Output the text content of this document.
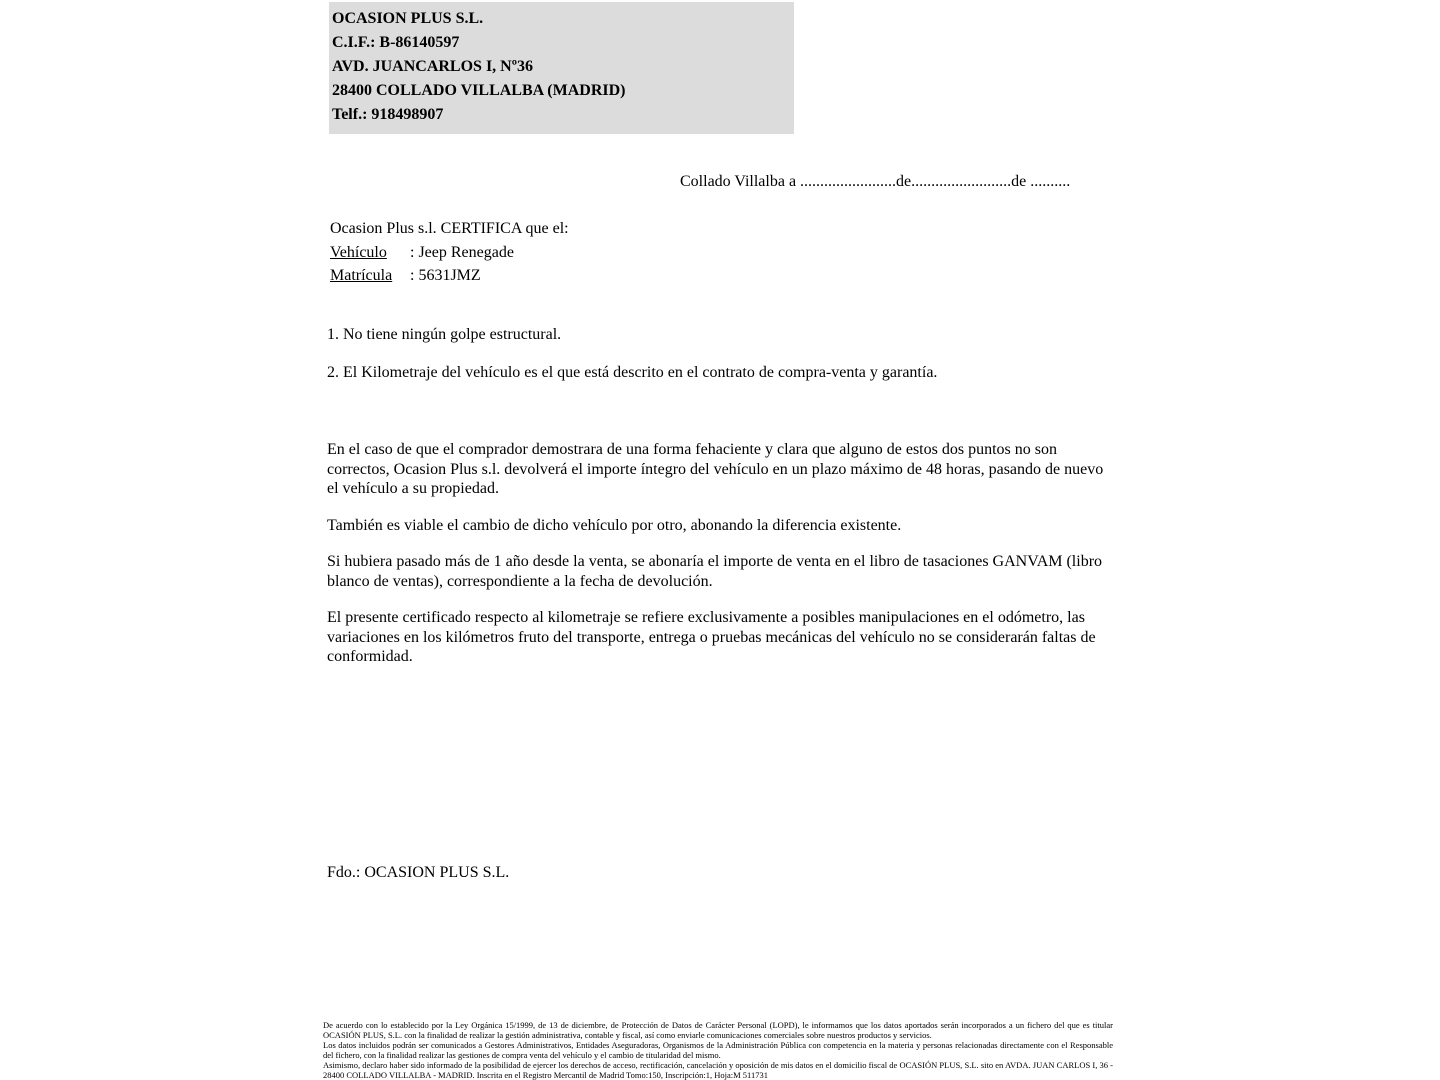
OCASION PLUS S.L.
C.I.F.: B-86140597
AVD. JUANCARLOS I, Nº36
28400 COLLADO VILLALBA (MADRID)
Telf.: 918498907
Collado Villalba a ........................de.........................de ..........
Ocasion Plus s.l. CERTIFICA que el:
Vehículo : Jeep Renegade
Matrícula : 5631JMZ
1. No tiene ningún golpe estructural.
2. El Kilometraje del vehículo es el que está descrito en el contrato de compra-venta y garantía.

En el caso de que el comprador demostrara de una forma fehaciente y clara que alguno de estos dos puntos no son correctos, Ocasion Plus s.l. devolverá el importe íntegro del vehículo en un plazo máximo de 48 horas, pasando de nuevo el vehículo a su propiedad.

También es viable el cambio de dicho vehículo por otro, abonando la diferencia existente.

Si hubiera pasado más de 1 año desde la venta, se abonaría el importe de venta en el libro de tasaciones GANVAM (libro blanco de ventas), correspondiente a la fecha de devolución.

El presente certificado respecto al kilometraje se refiere exclusivamente a posibles manipulaciones en el odómetro, las variaciones en los kilómetros fruto del transporte, entrega o pruebas mecánicas del vehículo no se considerarán faltas de conformidad.

Fdo.: OCASION PLUS S.L.

De acuerdo con lo establecido por la Ley Orgánica 15/1999, de 13 de diciembre, de Protección de Datos de Carácter Personal (LOPD), le informamos que los datos aportados serán incorporados a un fichero del que es titular OCASIÓN PLUS, S.L. con la finalidad de realizar la gestión administrativa, contable y fiscal, así como enviarle comunicaciones comerciales sobre nuestros productos y servicios.

Los datos incluidos podrán ser comunicados a Gestores Administrativos, Entidades Aseguradoras, Organismos de la Administración Pública con competencia en la materia y personas relacionadas directamente con el Responsable del fichero, con la finalidad realizar las gestiones de compra venta del vehículo y el cambio de titularidad del mismo.

Asimismo, declaro haber sido informado de la posibilidad de ejercer los derechos de acceso, rectificación, cancelación y oposición de mis datos en el domicilio fiscal de OCASIÓN PLUS, S.L. sito en AVDA. JUAN CARLOS I, 36 - 28400 COLLADO VILLALBA - MADRID. Inscrita en el Registro Mercantil de Madrid Tomo:150, Inscripción:1, Hoja:M 511731
